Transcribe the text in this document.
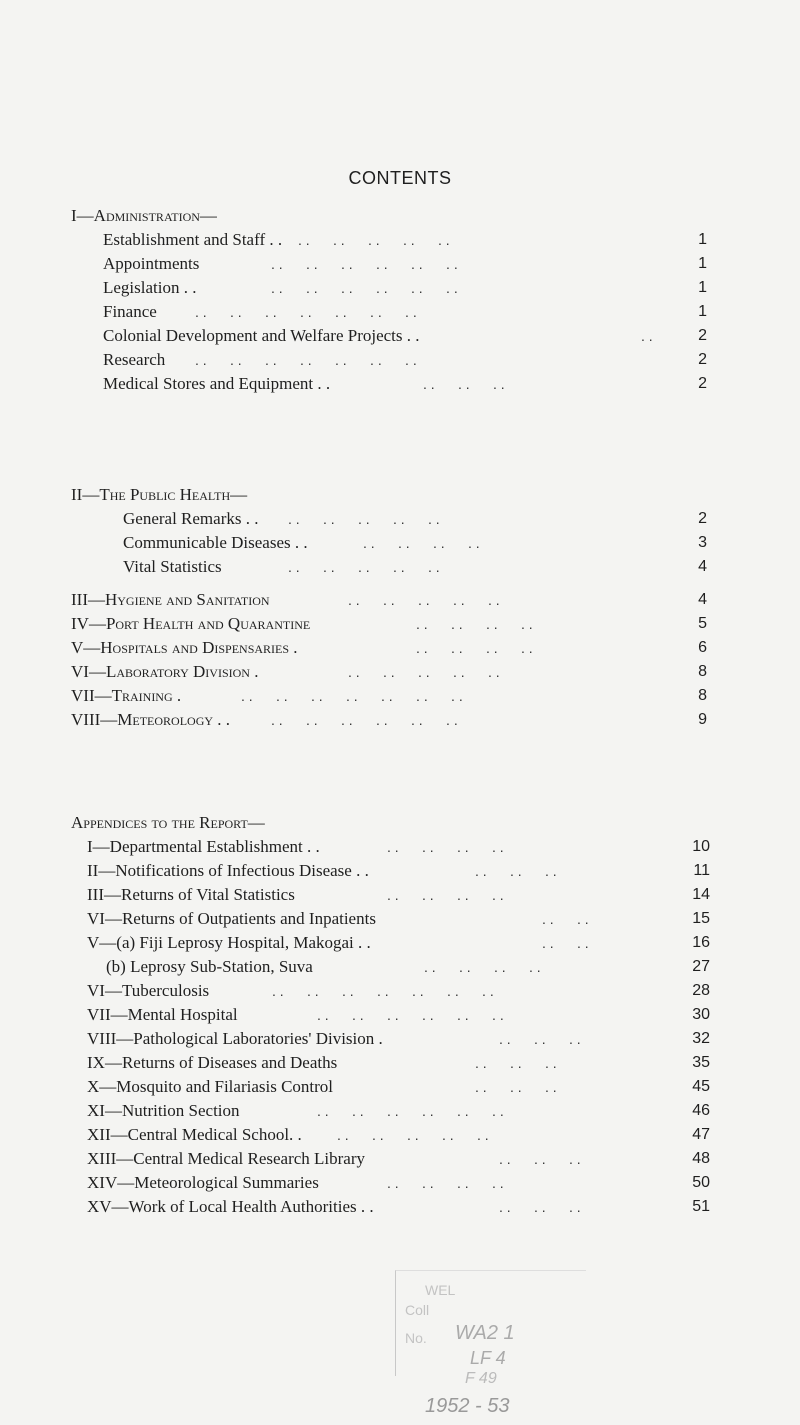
CONTENTS
I—Administration—
Establishment and Staff . . . .      . .      . .      . .      . .	1
Appointments	. .      . .      . .      . .      . .      . .	1
Legislation . .	. .      . .      . .      . .      . .      . .	1
Finance	. .      . .      . .      . .      . .      . .      . .	1
Colonial Development and Welfare Projects . .	. .	2
Research . .      . .      . .      . .      . .      . .      . .	2
Medical Stores and Equipment . .	. .      . .      . .	2
II—The Public Health—
General Remarks . . . .      . .      . .      . .      . .	2
Communicable Diseases . .	. .      . .      . .      . .	3
Vital Statistics	. .      . .      . .      . .      . .	4
III—Hygiene and Sanitation	. .      . .      . .      . .      . .	4
IV—Port Health and Quarantine	. .      . .      . .      . .	5
V—Hospitals and Dispensaries .	. .      . .      . .      . .	6
VI—Laboratory Division .	. .      . .      . .      . .      . .	8
VII—Training .	. .      . .      . .      . .      . .      . .      . .	8
VIII—Meteorology . .	. .      . .      . .      . .      . .      . .	9
Appendices to the Report—
I—Departmental Establishment . .	. .      . .      . .      . .	10
II—Notifications of Infectious Disease . .	. .      . .      . .	11
III—Returns of Vital Statistics	. .      . .      . .      . .	14
VI—Returns of Outpatients and Inpatients	. .      . .	15
V—(a) Fiji Leprosy Hospital, Makogai . .	. .      . .	16
(b) Leprosy Sub-Station, Suva	. .      . .      . .      . .	27
VI—Tuberculosis	. .      . .      . .      . .      . .      . .      . .	28
VII—Mental Hospital	. .      . .      . .      . .      . .      . .	30
VIII—Pathological Laboratories' Division .	. .      . .      . .	32
IX—Returns of Diseases and Deaths	. .      . .      . .	35
X—Mosquito and Filariasis Control	. .      . .      . .	45
XI—Nutrition Section	. .      . .      . .      . .      . .      . .	46
XII—Central Medical School. .	. .      . .      . .      . .      . .	47
XIII—Central Medical Research Library	. .      . .      . .	48
XIV—Meteorological Summaries	. .      . .      . .      . .	50
XV—Work of Local Health Authorities . .	. .      . .      . .	51
WEL
Coll
No. WA2 1
LF 4
F 49
1952 - 53
